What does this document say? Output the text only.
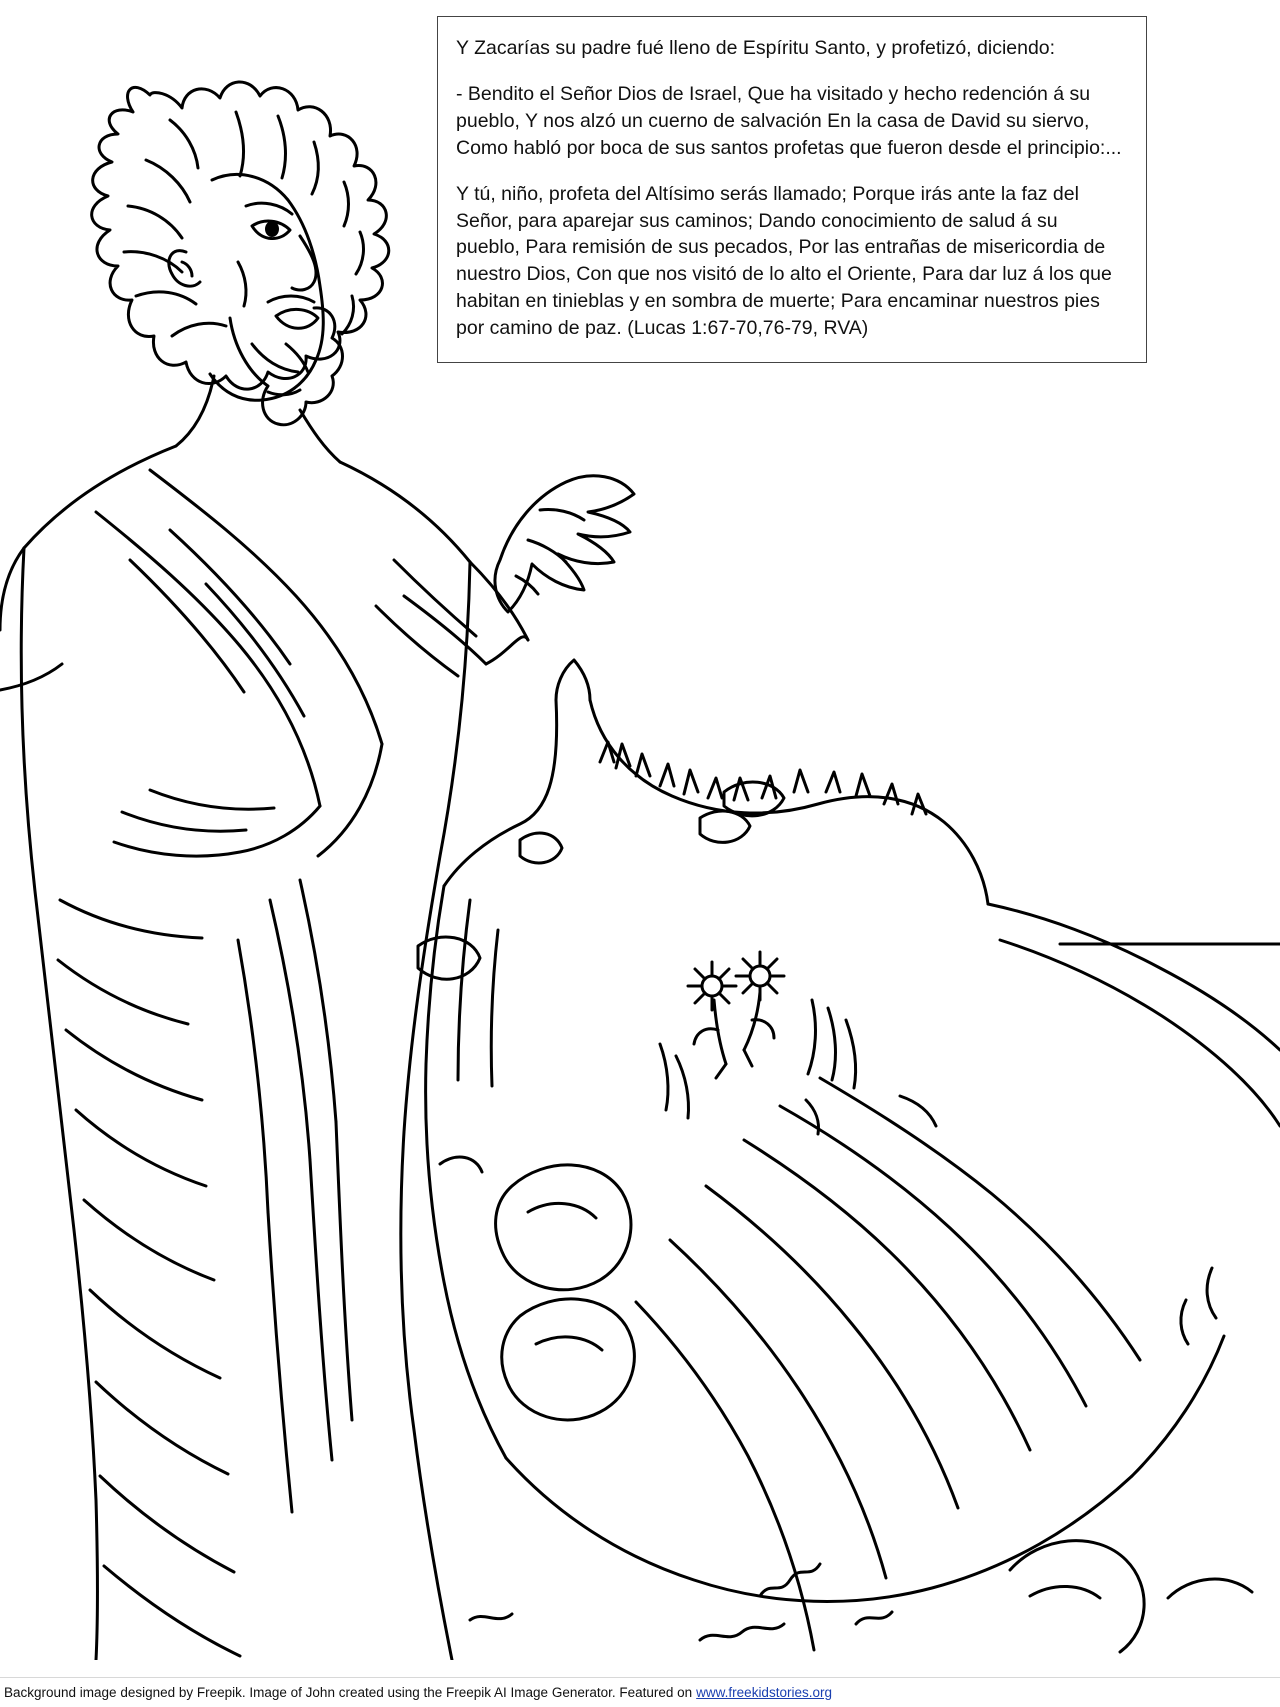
Y Zacarías su padre fué lleno de Espíritu Santo, y profetizó, diciendo:

- Bendito el Señor Dios de Israel, Que ha visitado y hecho redención á su pueblo, Y nos alzó un cuerno de salvación En la casa de David su siervo, Como habló por boca de sus santos profetas que fueron desde el principio:...

Y tú, niño, profeta del Altísimo serás llamado; Porque irás ante la faz del Señor, para aparejar sus caminos; Dando conocimiento de salud á su pueblo, Para remisión de sus pecados, Por las entrañas de misericordia de nuestro Dios, Con que nos visitó de lo alto el Oriente, Para dar luz á los que habitan en tinieblas y en sombra de muerte; Para encaminar nuestros pies por camino de paz. (Lucas 1:67-70,76-79, RVA)

Background image designed by Freepik. Image of John created using the Freepik AI Image Generator. Featured on www.freekidstories.org
